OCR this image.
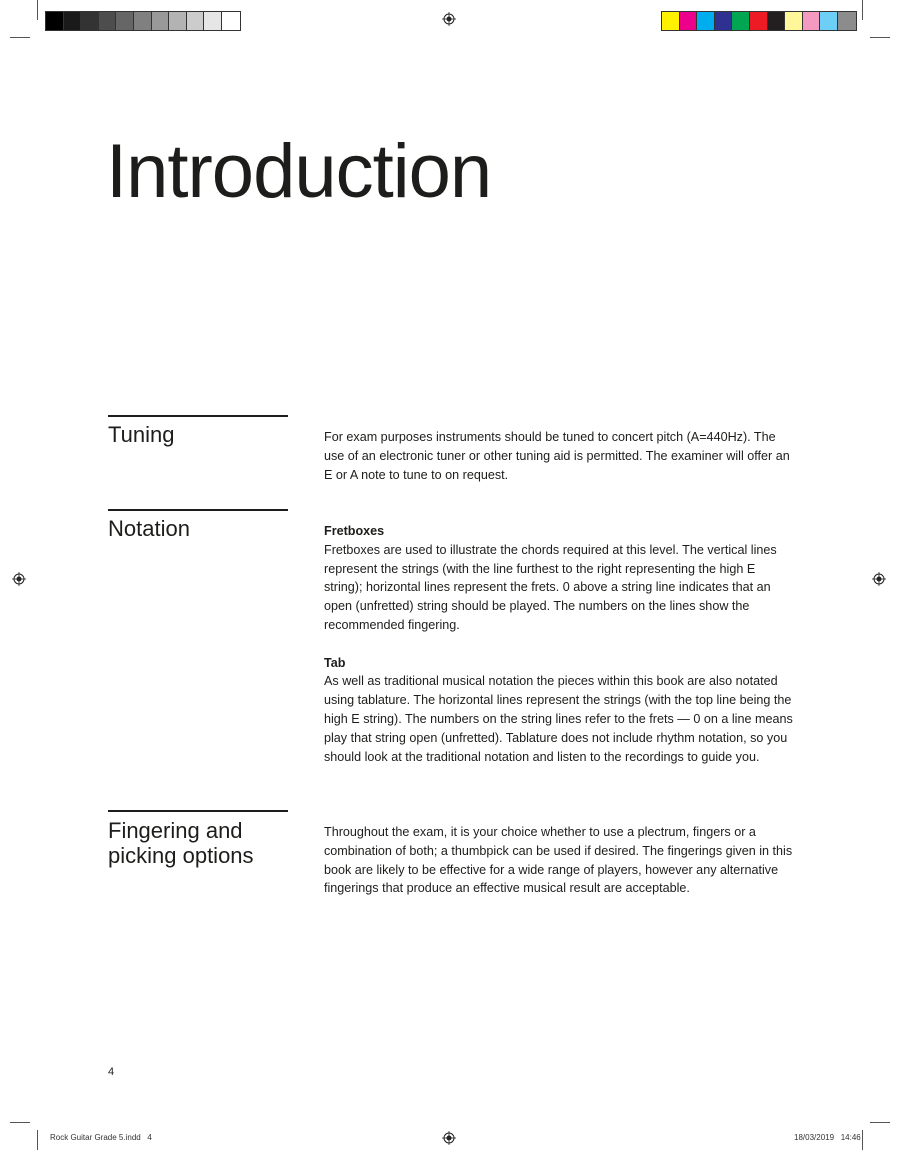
Introduction
Tuning	For exam purposes instruments should be tuned to concert pitch (A=440Hz). The use of an electronic tuner or other tuning aid is permitted. The examiner will offer an E or A note to tune to on request.

Notation	Fretboxes
Fretboxes are used to illustrate the chords required at this level. The vertical lines represent the strings (with the line furthest to the right representing the high E string); horizontal lines represent the frets. 0 above a string line indicates that an open (unfretted) string should be played. The numbers on the lines show the recommended fingering.
Tab
As well as traditional musical notation the pieces within this book are also notated using tablature. The horizontal lines represent the strings (with the top line being the high E string). The numbers on the string lines refer to the frets — 0 on a line means play that string open (unfretted). Tablature does not include rhythm notation, so you should look at the traditional notation and listen to the recordings to guide you.
Fingering and picking options

Throughout the exam, it is your choice whether to use a plectrum, fingers or a combination of both; a thumbpick can be used if desired. The fingerings given in this book are likely to be effective for a wide range of players, however any alternative fingerings that produce an effective musical result are acceptable.

4
Rock Guitar Grade 5.indd   4	18/03/2019   14:46
